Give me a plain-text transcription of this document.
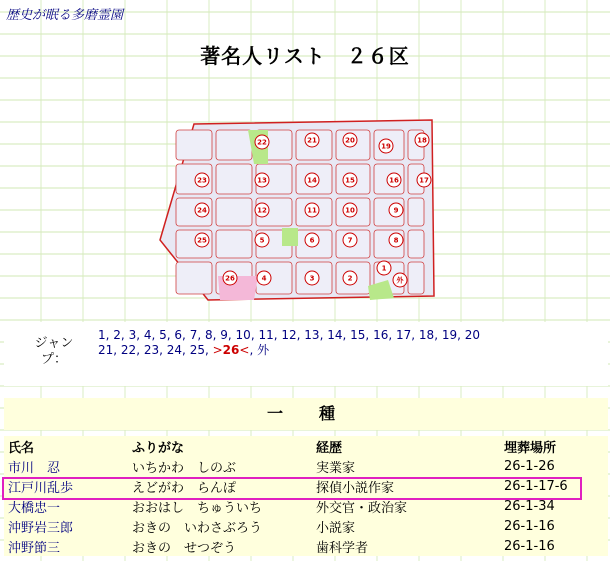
歴史が眠る多磨霊園
著名人リスト　２６区
1
2
3
4
5	6	7	8
9
10
11
12
13	14	15	16	17
18
19
20
21
22
23
24
25
26	外
ジャンプ：
1, 2, 3, 4, 5, 6, 7, 8, 9, 10, 11, 12, 13, 14, 15, 16, 17, 18, 19, 20
21, 22, 23, 24, 25, >26<, 外
一　種
氏名	ふりがな	経歴	埋葬場所
市川　忍	いちかわ　しのぶ	実業家	26-1-26
江戸川乱歩	えどがわ　らんぽ	探偵小説作家	26-1-17-6
大橋忠一	おおはし　ちゅういち	外交官・政治家	26-1-34
沖野岩三郎	おきの　いわさぶろう	小説家	26-1-16
沖野節三	おきの　せつぞう	歯科学者	26-1-16
